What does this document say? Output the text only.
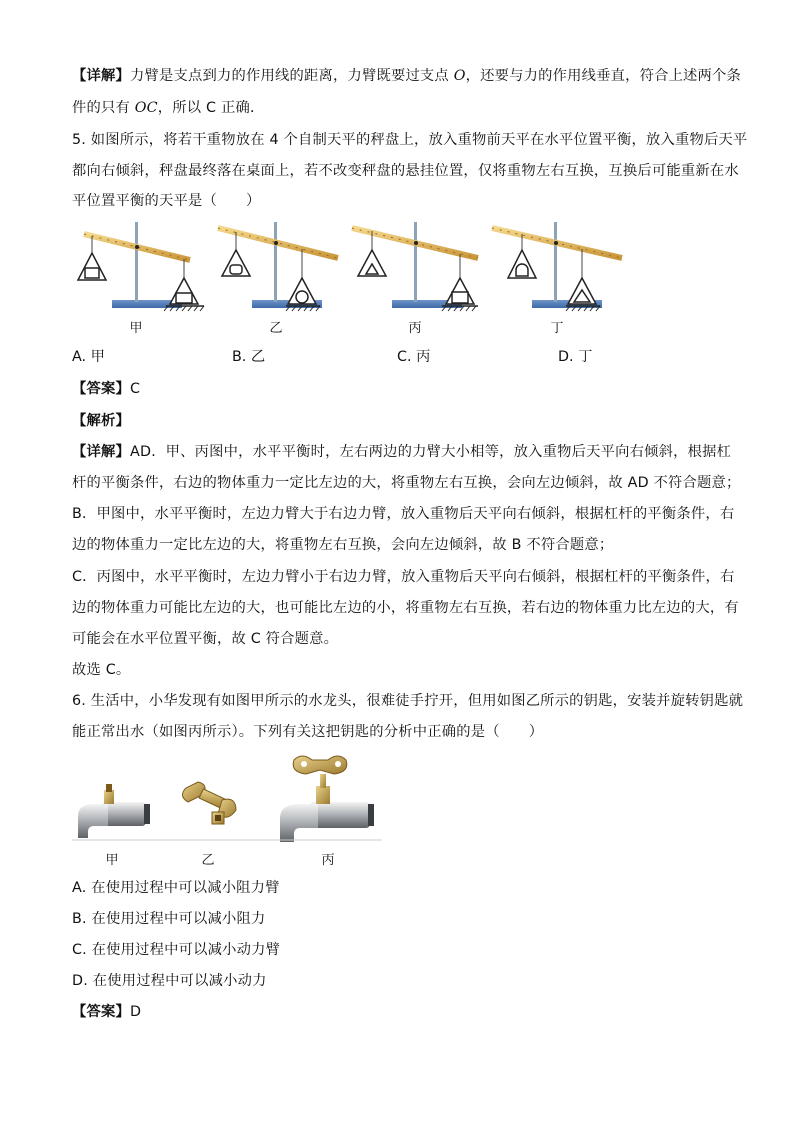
【详解】力臂是支点到力的作用线的距离，力臂既要过支点 O，还要与力的作用线垂直，符合上述两个条
件的只有 OC，所以 C 正确．
5. 如图所示，将若干重物放在 4 个自制天平的秤盘上，放入重物前天平在水平位置平衡，放入重物后天平
都向右倾斜，秤盘最终落在桌面上，若不改变秤盘的悬挂位置，仅将重物左右互换，互换后可能重新在水
平位置平衡的天平是（　　）
甲	乙	丙	丁
A. 甲	B. 乙	C. 丙	D. 丁
【答案】C
【解析】
【详解】AD．甲、丙图中，水平平衡时，左右两边的力臂大小相等，放入重物后天平向右倾斜，根据杠
杆的平衡条件，右边的物体重力一定比左边的大，将重物左右互换，会向左边倾斜，故 AD 不符合题意；
B．甲图中，水平平衡时，左边力臂大于右边力臂，放入重物后天平向右倾斜，根据杠杆的平衡条件，右
边的物体重力一定比左边的大，将重物左右互换，会向左边倾斜，故 B 不符合题意；
C．丙图中，水平平衡时，左边力臂小于右边力臂，放入重物后天平向右倾斜，根据杠杆的平衡条件，右
边的物体重力可能比左边的大，也可能比左边的小，将重物左右互换，若右边的物体重力比左边的大，有
可能会在水平位置平衡，故 C 符合题意。
故选 C。
6. 生活中，小华发现有如图甲所示的水龙头，很难徒手拧开，但用如图乙所示的钥匙，安装并旋转钥匙就
能正常出水（如图丙所示）。下列有关这把钥匙的分析中正确的是（　　）
甲	乙	丙
A. 在使用过程中可以减小阻力臂
B. 在使用过程中可以减小阻力
C. 在使用过程中可以减小动力臂
D. 在使用过程中可以减小动力
【答案】D
